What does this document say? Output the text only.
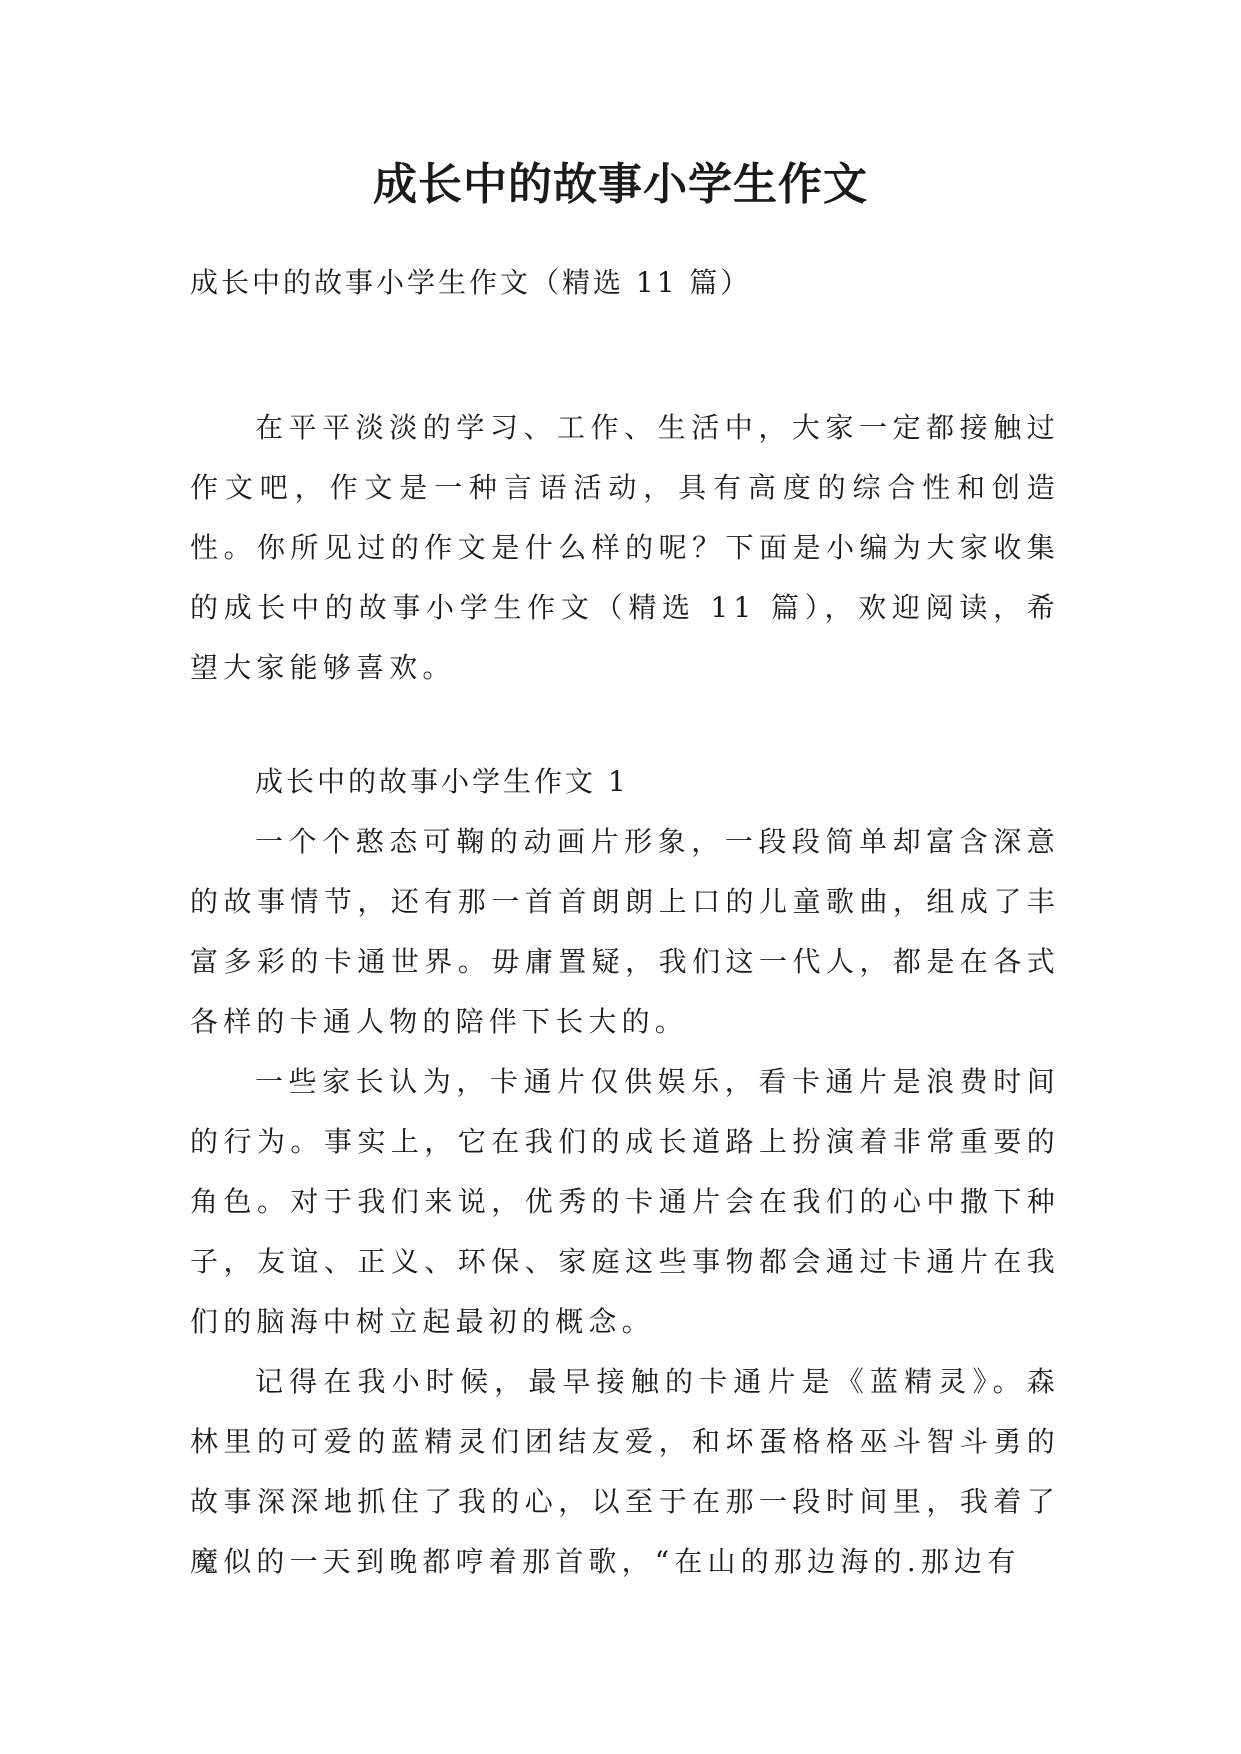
成长中的故事小学生作文
成长中的故事小学生作文（精选 11 篇）

在平平淡淡的学习、工作、生活中，大家一定都接触过作文吧，作文是一种言语活动，具有高度的综合性和创造性。你所见过的作文是什么样的呢？下面是小编为大家收集的成长中的故事小学生作文（精选 11 篇），欢迎阅读，希望大家能够喜欢。

成长中的故事小学生作文 1

一个个憨态可鞠的动画片形象，一段段简单却富含深意的故事情节，还有那一首首朗朗上口的儿童歌曲，组成了丰富多彩的卡通世界。毋庸置疑，我们这一代人，都是在各式各样的卡通人物的陪伴下长大的。

一些家长认为，卡通片仅供娱乐，看卡通片是浪费时间的行为。事实上，它在我们的成长道路上扮演着非常重要的角色。对于我们来说，优秀的卡通片会在我们的心中撒下种子，友谊、正义、环保、家庭这些事物都会通过卡通片在我们的脑海中树立起最初的概念。

记得在我小时候，最早接触的卡通片是《蓝精灵》。森林里的可爱的蓝精灵们团结友爱，和坏蛋格格巫斗智斗勇的故事深深地抓住了我的心，以至于在那一段时间里，我着了魔似的一天到晚都哼着那首歌，“在山的那边海的.那边有
